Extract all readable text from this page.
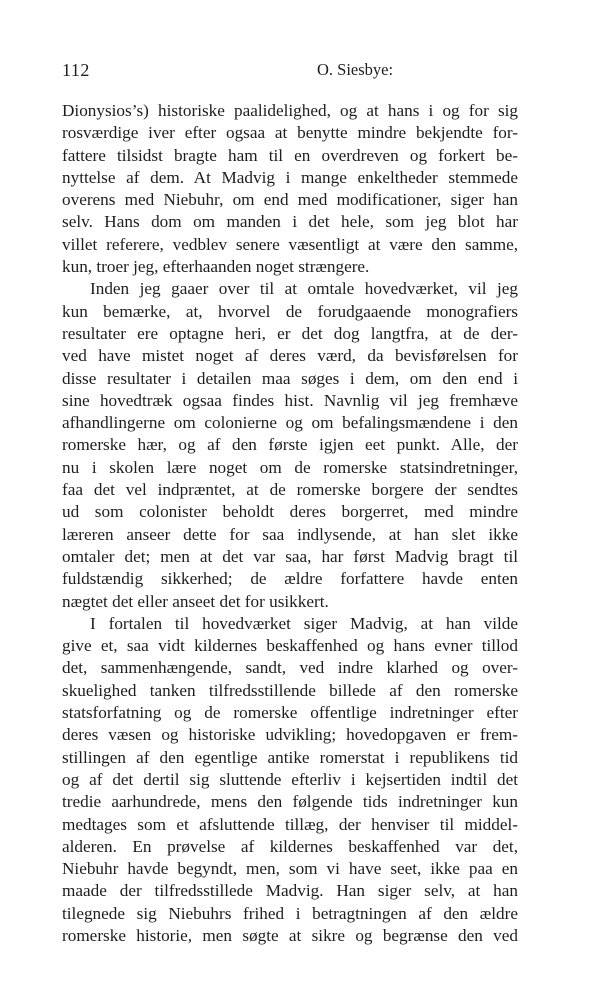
112	O. Siesbye:
Dionysios’s) historiske paalidelighed, og at hans i og for sig
rosværdige iver efter ogsaa at benytte mindre bekjendte for-
fattere tilsidst bragte ham til en overdreven og forkert be-
nyttelse af dem. At Madvig i mange enkeltheder stemmede
overens med Niebuhr, om end med modificationer, siger han
selv. Hans dom om manden i det hele, som jeg blot har
villet referere, vedblev senere væsentligt at være den samme,
kun, troer jeg, efterhaanden noget strængere.
Inden jeg gaaer over til at omtale hovedværket, vil jeg
kun bemærke, at, hvorvel de forudgaaende monografiers
resultater ere optagne heri, er det dog langtfra, at de der-
ved have mistet noget af deres værd, da bevisførelsen for
disse resultater i detailen maa søges i dem, om den end i
sine hovedtræk ogsaa findes hist. Navnlig vil jeg fremhæve
afhandlingerne om colonierne og om befalingsmændene i den
romerske hær, og af den første igjen eet punkt. Alle, der
nu i skolen lære noget om de romerske statsindretninger,
faa det vel indpræntet, at de romerske borgere der sendtes
ud som colonister beholdt deres borgerret, med mindre
læreren anseer dette for saa indlysende, at han slet ikke
omtaler det; men at det var saa, har først Madvig bragt til
fuldstændig sikkerhed; de ældre forfattere havde enten
nægtet det eller anseet det for usikkert.
I fortalen til hovedværket siger Madvig, at han vilde
give et, saa vidt kildernes beskaffenhed og hans evner tillod
det, sammenhængende, sandt, ved indre klarhed og over-
skuelighed tanken tilfredsstillende billede af den romerske
statsforfatning og de romerske offentlige indretninger efter
deres væsen og historiske udvikling; hovedopgaven er frem-
stillingen af den egentlige antike romerstat i republikens tid
og af det dertil sig sluttende efterliv i kejsertiden indtil det
tredie aarhundrede, mens den følgende tids indretninger kun
medtages som et afsluttende tillæg, der henviser til middel-
alderen. En prøvelse af kildernes beskaffenhed var det,
Niebuhr havde begyndt, men, som vi have seet, ikke paa en
maade der tilfredsstillede Madvig. Han siger selv, at han
tilegnede sig Niebuhrs frihed i betragtningen af den ældre
romerske historie, men søgte at sikre og begrænse den ved
